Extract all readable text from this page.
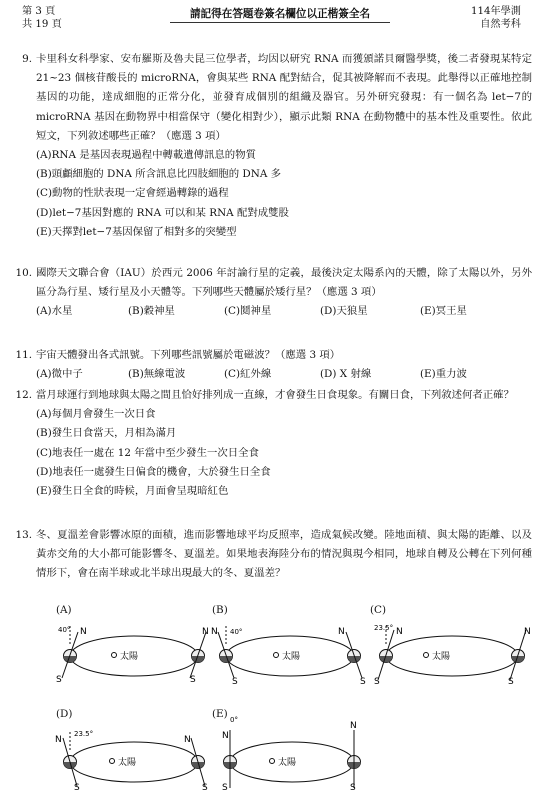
第 3 頁
共 19 頁
請記得在答題卷簽名欄位以正楷簽全名	114年學測
自然考科
9. 卡里科女科學家、安布羅斯及魯夫昆三位學者，均因以研究 RNA 而獲頒諾貝爾醫學獎，後二者發現某特定 21~23 個核苷酸長的 microRNA，會與某些 RNA 配對結合，促其被降解而不表現。此舉得以正確地控制基因的功能，達成細胞的正常分化，並發育成個別的組織及器官。另外研究發現：有一個名為 let−7的 microRNA 基因在動物界中相當保守（變化相對少），顯示此類 RNA 在動物體中的基本性及重要性。依此短文，下列敘述哪些正確？（應選 3 項）
(A)RNA 是基因表現過程中轉載遺傳訊息的物質
(B)頭顱細胞的 DNA 所含訊息比四肢細胞的 DNA 多
(C)動物的性狀表現一定會經過轉錄的過程
(D)let−7基因對應的 RNA 可以和某 RNA 配對成雙股
(E)天擇對let−7基因保留了相對多的突變型
10. 國際天文聯合會（IAU）於西元 2006 年討論行星的定義，最後決定太陽系內的天體，除了太陽以外，另外區分為行星、矮行星及小天體等。下列哪些天體屬於矮行星？（應選 3 項）
(A)水星	(B)穀神星	(C)鬩神星	(D)天狼星	(E)冥王星
11. 宇宙天體發出各式訊號。下列哪些訊號屬於電磁波？（應選 3 項）
(A)微中子	(B)無線電波	(C)紅外線	(D) X 射線	(E)重力波
12. 當月球運行到地球與太陽之間且恰好排列成一直線，才會發生日食現象。有關日食，下列敘述何者正確？
(A)每個月會發生一次日食
(B)發生日食當天，月相為滿月
(C)地表任一處在 12 年當中至少發生一次日全食
(D)地表任一處發生日偏食的機會，大於發生日全食
(E)發生日全食的時候，月面會呈現暗紅色
13. 冬、夏溫差會影響冰原的面積，進而影響地球平均反照率，造成氣候改變。陸地面積、與太陽的距離、以及黃赤交角的大小都可能影響冬、夏溫差。如果地表海陸分布的情況與現今相同，地球自轉及公轉在下列何種情形下，會在南半球或北半球出現最大的冬、夏溫差？
(A)
太陽
N
S
40°	N
S
(B)
太陽
N 40°
S
N
S
(C)
太陽
23.5° N
S
N
S
(D)
太陽
N
23.5°
S
N
S
(E)
太陽
0°
N
S
N
S
